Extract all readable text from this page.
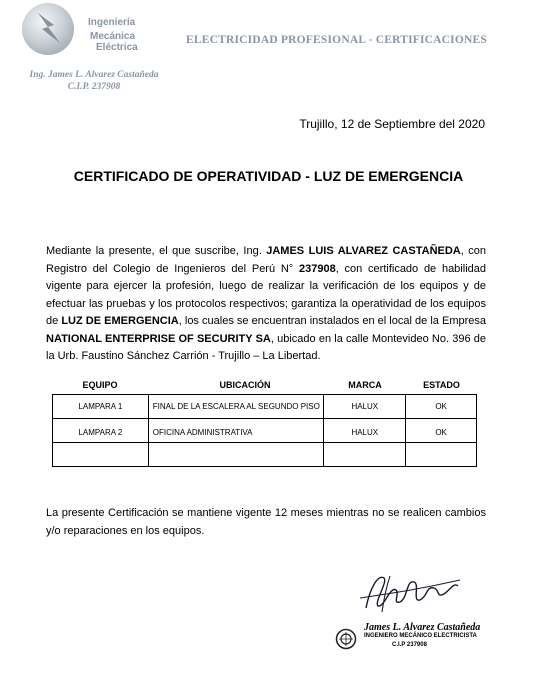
Ingeniería
Mecánica
Eléctrica
ELECTRICIDAD PROFESIONAL - CERTIFICACIONES
Ing. James L. Alvarez Castañeda
C.I.P. 237908
Trujillo, 12 de Septiembre del 2020
CERTIFICADO DE OPERATIVIDAD - LUZ DE EMERGENCIA
Mediante la presente, el que suscribe, Ing. JAMES LUIS ALVAREZ CASTAÑEDA, con Registro del Colegio de Ingenieros del Perú N° 237908, con certificado de habilidad vigente para ejercer la profesión, luego de realizar la verificación de los equipos y de efectuar las pruebas y los protocolos respectivos; garantiza la operatividad de los equipos de LUZ DE EMERGENCIA, los cuales se encuentran instalados en el local de la Empresa NATIONAL ENTERPRISE OF SECURITY SA, ubicado en la calle Montevideo No. 396 de la Urb. Faustino Sánchez Carrión - Trujillo – La Libertad.
EQUIPO	UBICACIÓN	MARCA	ESTADO
LAMPARA 1	FINAL DE LA ESCALERA AL SEGUNDO PISO	HALUX	OK
LAMPARA 2	OFICINA ADMINISTRATIVA	HALUX	OK

La presente Certificación se mantiene vigente 12 meses mientras no se realicen cambios y/o reparaciones en los equipos.
James L. Alvarez Castañeda
INGENIERO MECÁNICO ELECTRICISTA
C.I.P 237908
